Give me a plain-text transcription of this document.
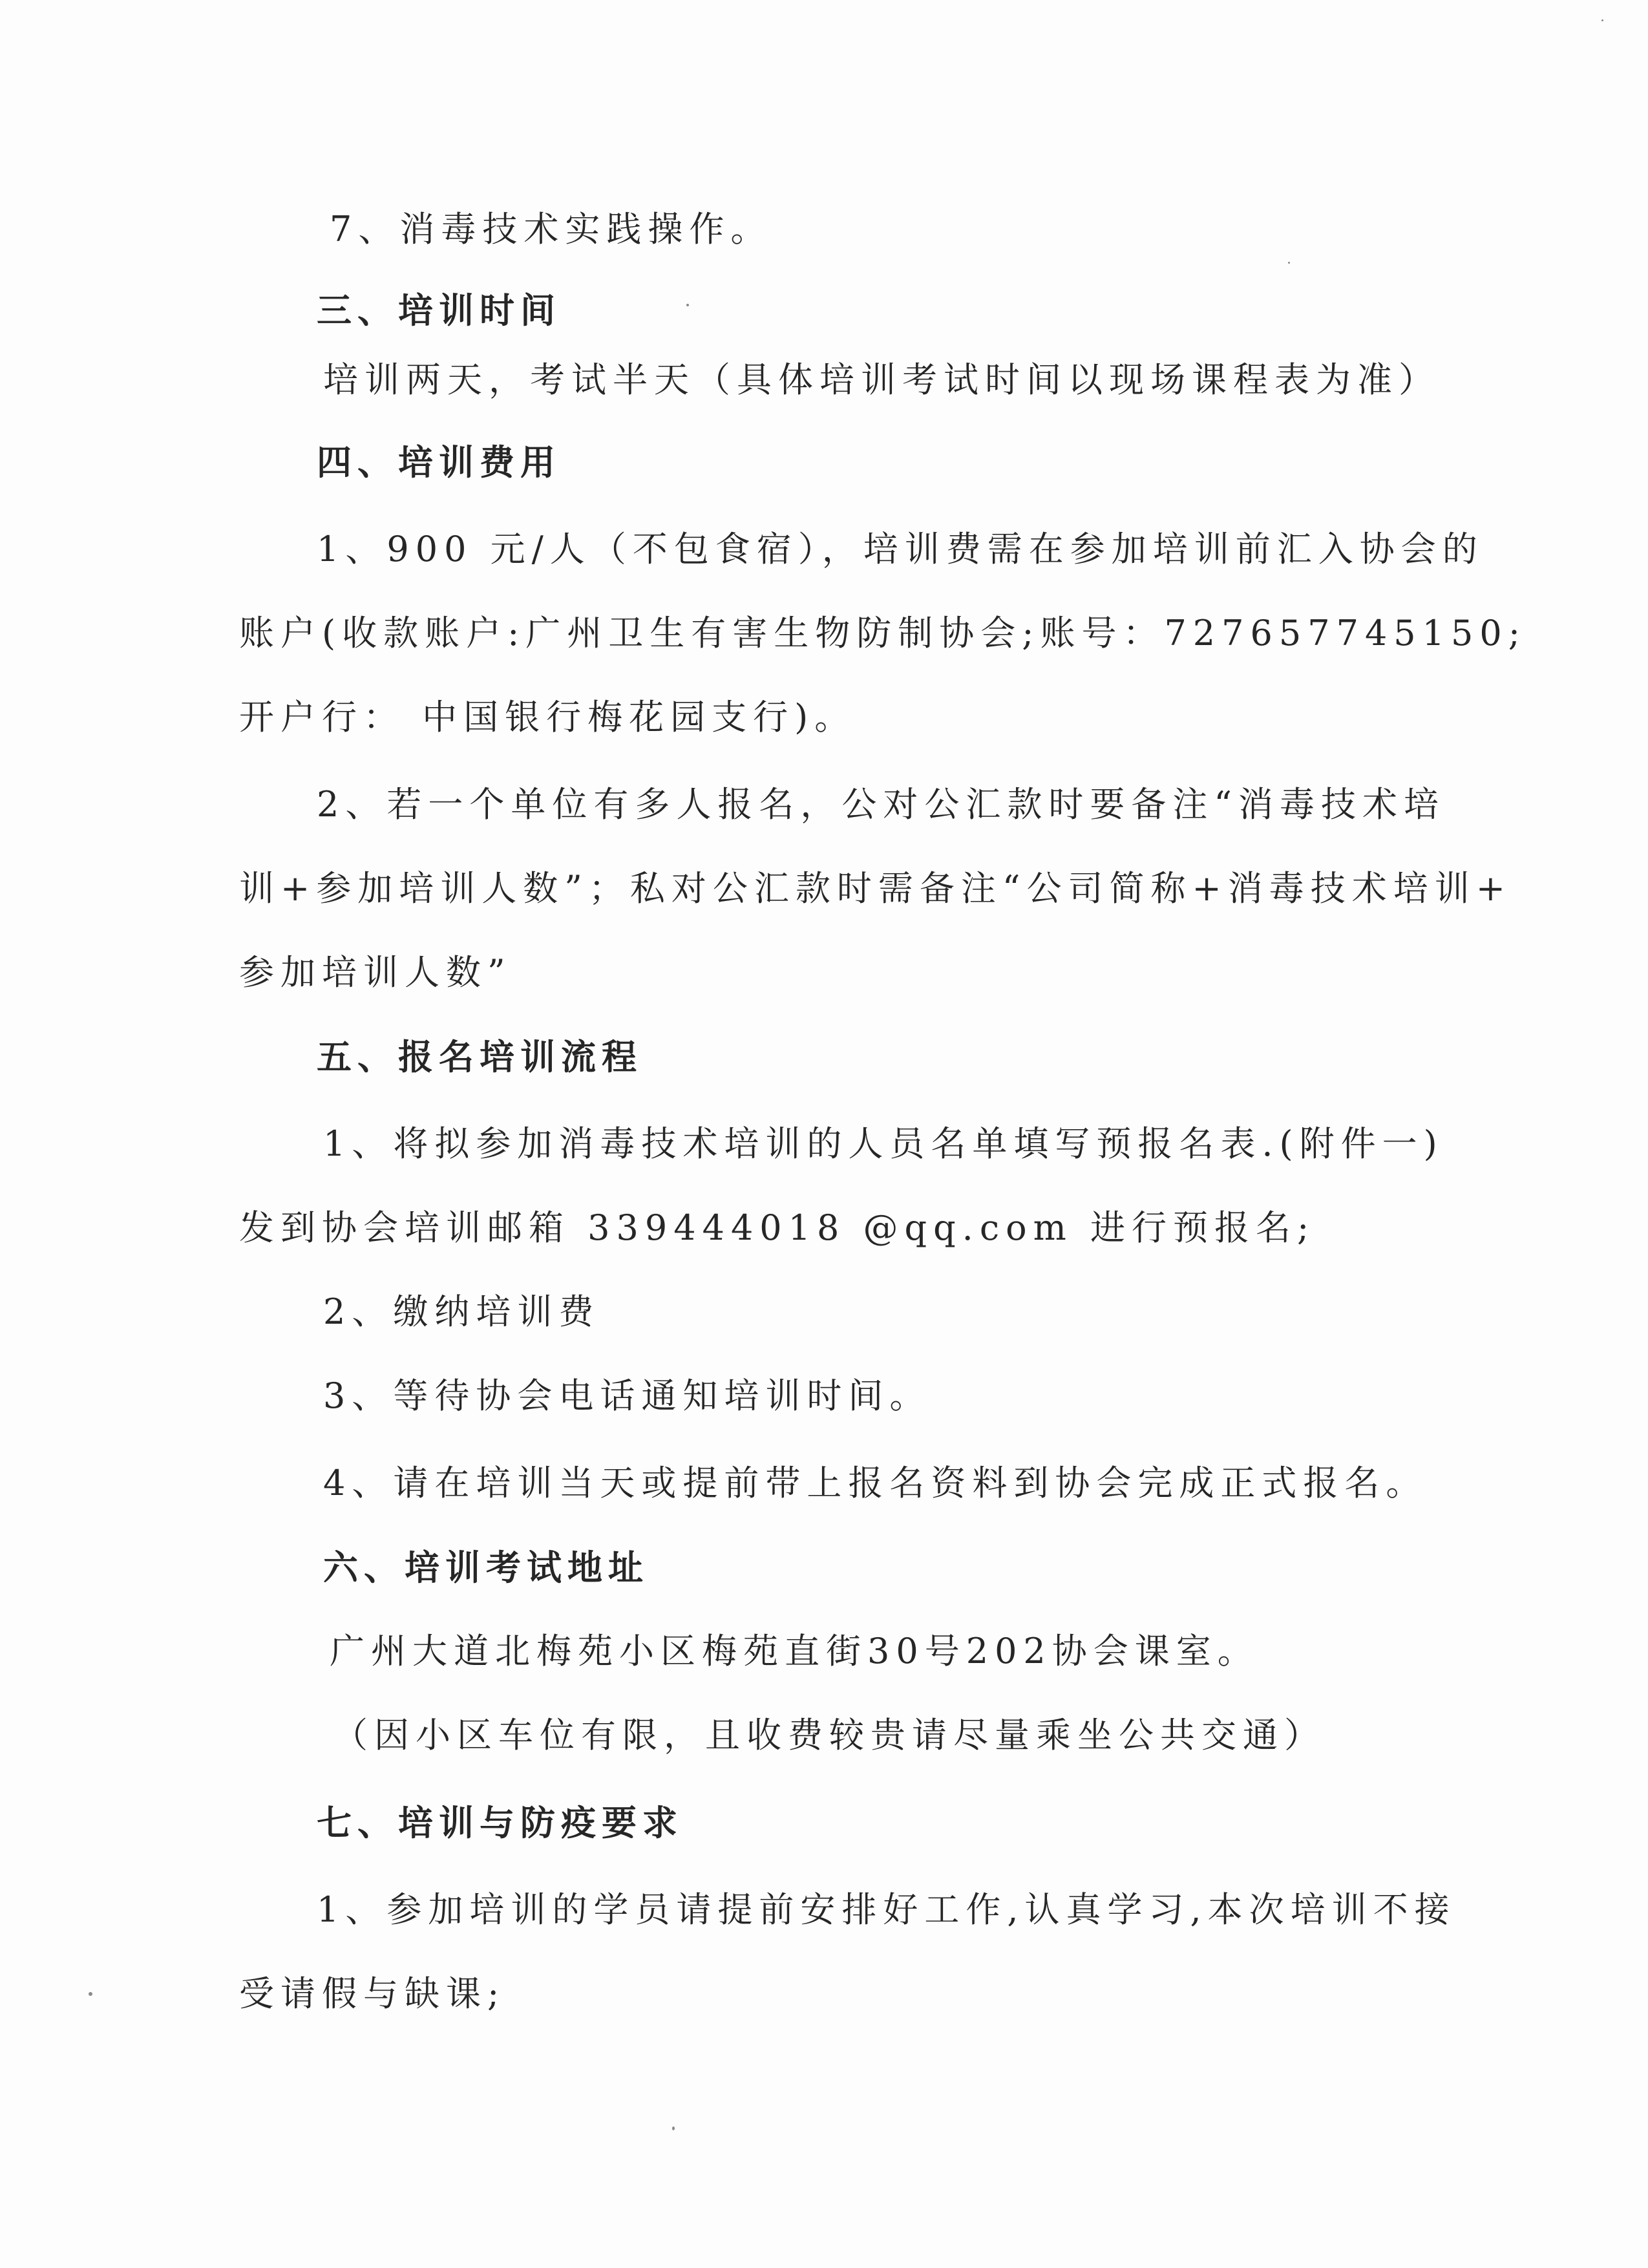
7、消毒技术实践操作。
三、培训时间
培训两天，考试半天（具体培训考试时间以现场课程表为准）
四、培训费用
1、900 元/人（不包食宿），培训费需在参加培训前汇入协会的
账户(收款账户:广州卫生有害生物防制协会;账号：727657745150;
开户行： 中国银行梅花园支行)。
2、若一个单位有多人报名，公对公汇款时要备注“消毒技术培
训+参加培训人数”；私对公汇款时需备注“公司简称+消毒技术培训+
参加培训人数”
五、报名培训流程
1、将拟参加消毒技术培训的人员名单填写预报名表.(附件一)
发到协会培训邮箱 339444018 @qq.com 进行预报名;
2、缴纳培训费
3、等待协会电话通知培训时间。
4、请在培训当天或提前带上报名资料到协会完成正式报名。
六、培训考试地址
广州大道北梅苑小区梅苑直街30号202协会课室。
（因小区车位有限，且收费较贵请尽量乘坐公共交通）
七、培训与防疫要求
1、参加培训的学员请提前安排好工作,认真学习,本次培训不接
受请假与缺课;
